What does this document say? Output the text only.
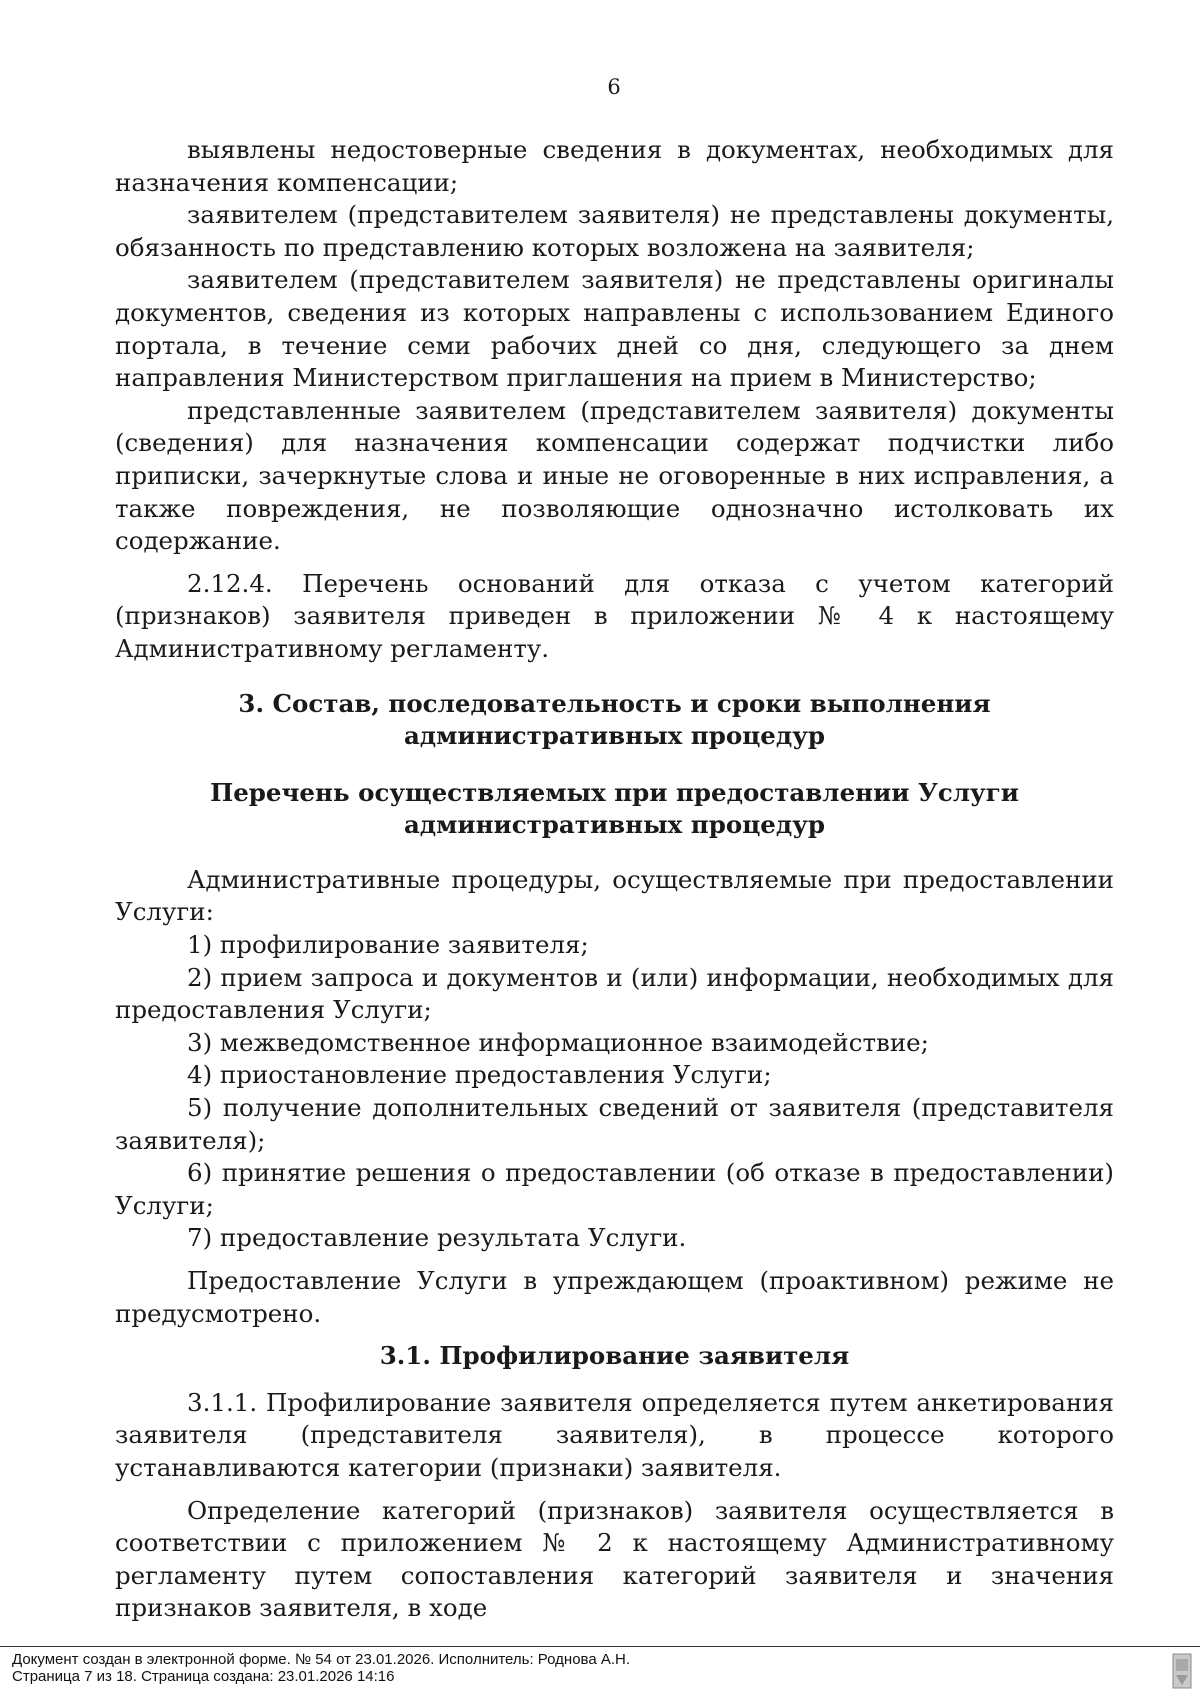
6

выявлены недостоверные сведения в документах, необходимых для назначения компенсации;

заявителем (представителем заявителя) не представлены документы, обязанность по представлению которых возложена на заявителя;

заявителем (представителем заявителя) не представлены оригиналы документов, сведения из которых направлены с использованием Единого портала, в течение семи рабочих дней со дня, следующего за днем направления Министерством приглашения на прием в Министерство;

представленные заявителем (представителем заявителя) документы (сведения) для назначения компенсации содержат подчистки либо приписки, зачеркнутые слова и иные не оговоренные в них исправления, а также повреждения, не позволяющие однозначно истолковать их содержание.

2.12.4. Перечень оснований для отказа с учетом категорий (признаков) заявителя приведен в приложении № 4 к настоящему Административному регламенту.

3. Состав, последовательность и сроки выполнения административных процедур

Перечень осуществляемых при предоставлении Услуги административных процедур

Административные процедуры, осуществляемые при предоставлении Услуги:

1) профилирование заявителя;

2) прием запроса и документов и (или) информации, необходимых для предоставления Услуги;

3) межведомственное информационное взаимодействие;

4) приостановление предоставления Услуги;

5) получение дополнительных сведений от заявителя (представителя заявителя);

6) принятие решения о предоставлении (об отказе в предоставлении) Услуги;

7) предоставление результата Услуги.

Предоставление Услуги в упреждающем (проактивном) режиме не предусмотрено.

3.1. Профилирование заявителя

3.1.1. Профилирование заявителя определяется путем анкетирования заявителя (представителя заявителя), в процессе которого устанавливаются категории (признаки) заявителя.

Определение категорий (признаков) заявителя осуществляется в соответствии с приложением № 2 к настоящему Административному регламенту путем сопоставления категорий заявителя и значения признаков заявителя, в ходе

Документ создан в электронной форме. № 54 от 23.01.2026. Исполнитель: Роднова А.Н.
Страница 7 из 18. Страница создана: 23.01.2026 14:16
